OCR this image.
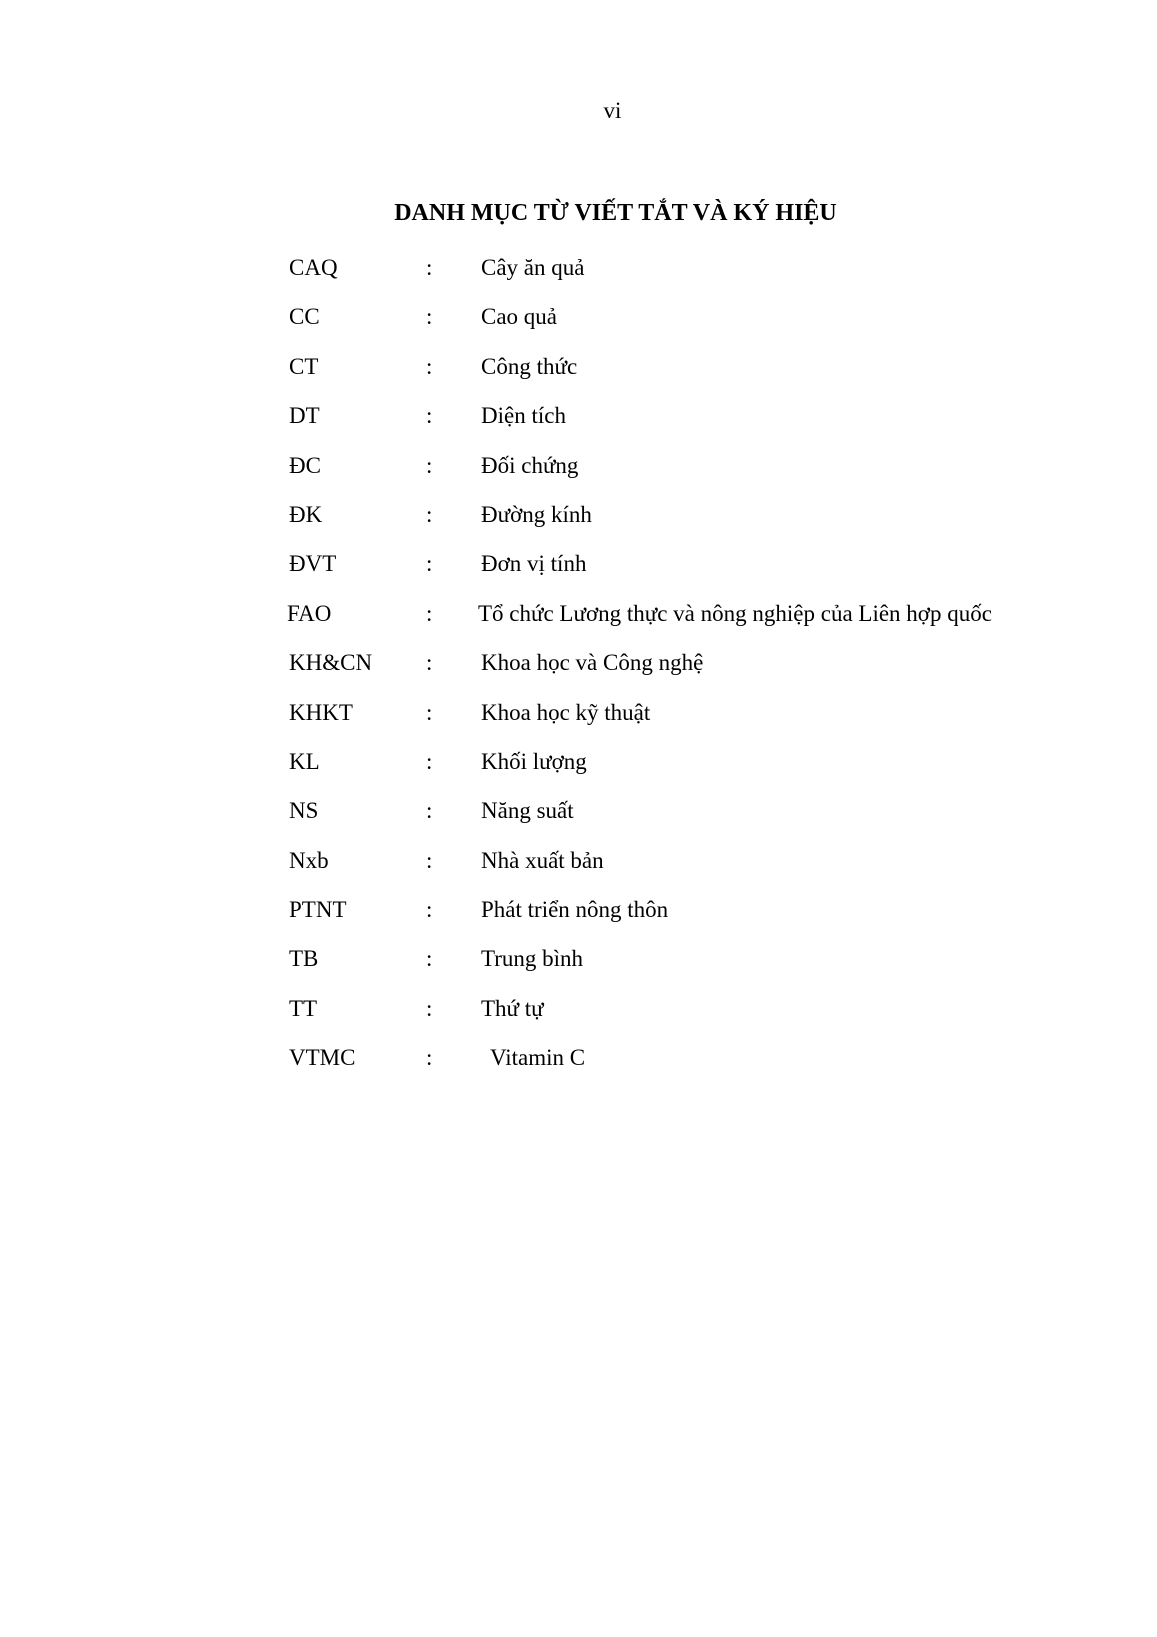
vi
DANH MỤC TỪ VIẾT TẮT VÀ KÝ HIỆU
CAQ	: Cây ăn quả
CC	: Cao quả
CT	: Công thức
DT	: Diện tích
ĐC	: Đối chứng
ĐK	: Đường kính
ĐVT	: Đơn vị tính
FAO	: Tổ chức Lương thực và nông nghiệp của Liên hợp quốc
KH&CN : Khoa học và Công nghệ
KHKT	: Khoa học kỹ thuật
KL	: Khối lượng
NS	: Năng suất
Nxb	: Nhà xuất bản
PTNT	: Phát triển nông thôn
TB	: Trung bình
TT	: Thứ tự
VTMC	:	Vitamin C
